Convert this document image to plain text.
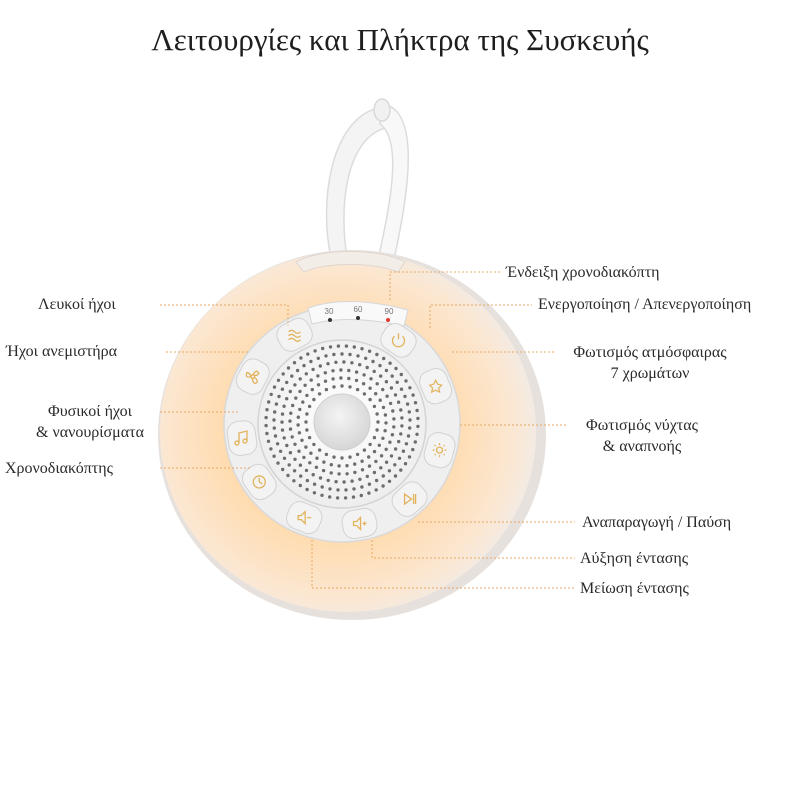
Λειτουργίες και Πλήκτρα της Συσκευής
30	60	90
Λευκοί ήχοι
Ήχοι ανεμιστήρα
Φυσικοί ήχοι
& νανουρίσματα
Χρονοδιακόπτης
Ένδειξη χρονοδιακόπτη
Ενεργοποίηση / Απενεργοποίηση
Φωτισμός ατμόσφαιρας
7 χρωμάτων
Φωτισμός νύχτας
& αναπνοής
Αναπαραγωγή / Παύση
Αύξηση έντασης
Μείωση έντασης
